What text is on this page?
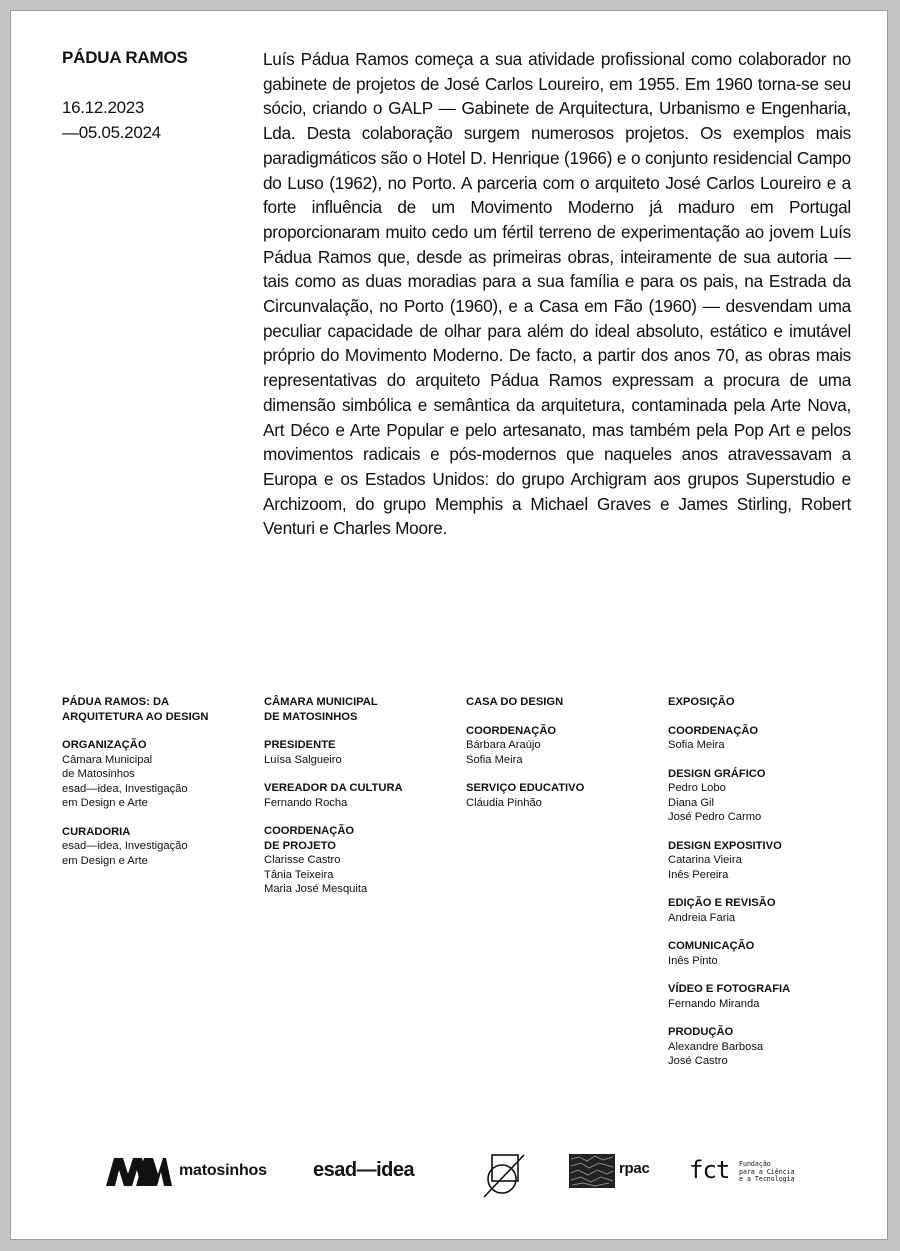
PÁDUA RAMOS
16.12.2023
—05.05.2024
Luís Pádua Ramos começa a sua atividade profissional como colaborador no gabinete de projetos de José Carlos Loureiro, em 1955. Em 1960 torna-se seu sócio, criando o GALP — Gabinete de Arquitectura, Urbanismo e Engenharia, Lda. Desta colaboração surgem numerosos projetos. Os exemplos mais paradigmáticos são o Hotel D. Henrique (1966) e o conjunto residencial Campo do Luso (1962), no Porto. A parceria com o arquiteto José Carlos Loureiro e a forte influência de um Movimento Moderno já maduro em Portugal proporcionaram muito cedo um fértil terreno de experimentação ao jovem Luís Pádua Ramos que, desde as primeiras obras, inteiramente de sua autoria — tais como as duas moradias para a sua família e para os pais, na Estrada da Circunvalação, no Porto (1960), e a Casa em Fão (1960) — desvendam uma peculiar capacidade de olhar para além do ideal absoluto, estático e imutável próprio do Movimento Moderno. De facto, a partir dos anos 70, as obras mais representativas do arquiteto Pádua Ramos expressam a procura de uma dimensão simbólica e semântica da arquitetura, contaminada pela Arte Nova, Art Déco e Arte Popular e pelo artesanato, mas também pela Pop Art e pelos movimentos radicais e pós-modernos que naqueles anos atravessavam a Europa e os Estados Unidos: do grupo Archigram aos grupos Superstudio e Archizoom, do grupo Memphis a Michael Graves e James Stirling, Robert Venturi e Charles Moore.
PÁDUA RAMOS: DA
ARQUITETURA AO DESIGN
ORGANIZAÇÃO
Câmara Municipal
de Matosinhos
esad—idea, Investigação
em Design e Arte
CURADORIA
esad—idea, Investigação
em Design e Arte
CÂMARA MUNICIPAL
DE MATOSINHOS
PRESIDENTE
Luísa Salgueiro
VEREADOR DA CULTURA
Fernando Rocha
COORDENAÇÃO
DE PROJETO
Clarisse Castro
Tânia Teixeira
Maria José Mesquita
CASA DO DESIGN
COORDENAÇÃO
Bárbara Araújo
Sofia Meira
SERVIÇO EDUCATIVO
Cláudia Pinhão
EXPOSIÇÃO
COORDENAÇÃO
Sofia Meira
DESIGN GRÁFICO
Pedro Lobo
Diana Gil
José Pedro Carmo
DESIGN EXPOSITIVO
Catarina Vieira
Inês Pereira
EDIÇÃO E REVISÃO
Andreia Faria
COMUNICAÇÃO
Inês Pinto
VÍDEO E FOTOGRAFIA
Fernando Miranda
PRODUÇÃO
Alexandre Barbosa
José Castro
matosinhos esad—idea	rpac fct Fundação
para a Ciência
e a Tecnologia
